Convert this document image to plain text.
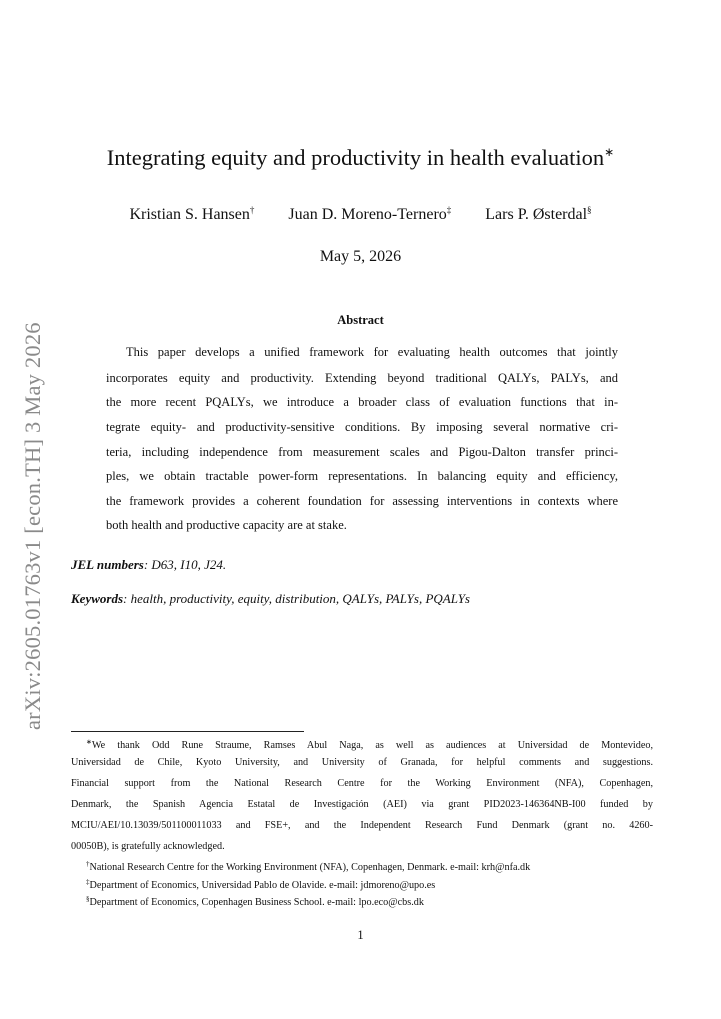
arXiv:2605.01763v1 [econ.TH] 3 May 2026
Integrating equity and productivity in health evaluation∗
Kristian S. Hansen† Juan D. Moreno-Ternero‡ Lars P. Østerdal§
May 5, 2026
Abstract
This paper develops a unified framework for evaluating health outcomes that jointly
incorporates equity and productivity. Extending beyond traditional QALYs, PALYs, and
the more recent PQALYs, we introduce a broader class of evaluation functions that in-
tegrate equity- and productivity-sensitive conditions. By imposing several normative cri-
teria, including independence from measurement scales and Pigou-Dalton transfer princi-
ples, we obtain tractable power-form representations. In balancing equity and efficiency,
the framework provides a coherent foundation for assessing interventions in contexts where
both health and productive capacity are at stake.
JEL numbers: D63, I10, J24.
Keywords: health, productivity, equity, distribution, QALYs, PALYs, PQALYs
∗We thank Odd Rune Straume, Ramses Abul Naga, as well as audiences at Universidad de Montevideo,
Universidad de Chile, Kyoto University, and University of Granada, for helpful comments and suggestions.
Financial support from the National Research Centre for the Working Environment (NFA), Copenhagen,
Denmark, the Spanish Agencia Estatal de Investigación (AEI) via grant PID2023-146364NB-I00 funded by
MCIU/AEI/10.13039/501100011033 and FSE+, and the Independent Research Fund Denmark (grant no. 4260-
00050B), is gratefully acknowledged.
†National Research Centre for the Working Environment (NFA), Copenhagen, Denmark. e-mail: krh@nfa.dk
‡Department of Economics, Universidad Pablo de Olavide. e-mail: jdmoreno@upo.es
§Department of Economics, Copenhagen Business School. e-mail: lpo.eco@cbs.dk
1
